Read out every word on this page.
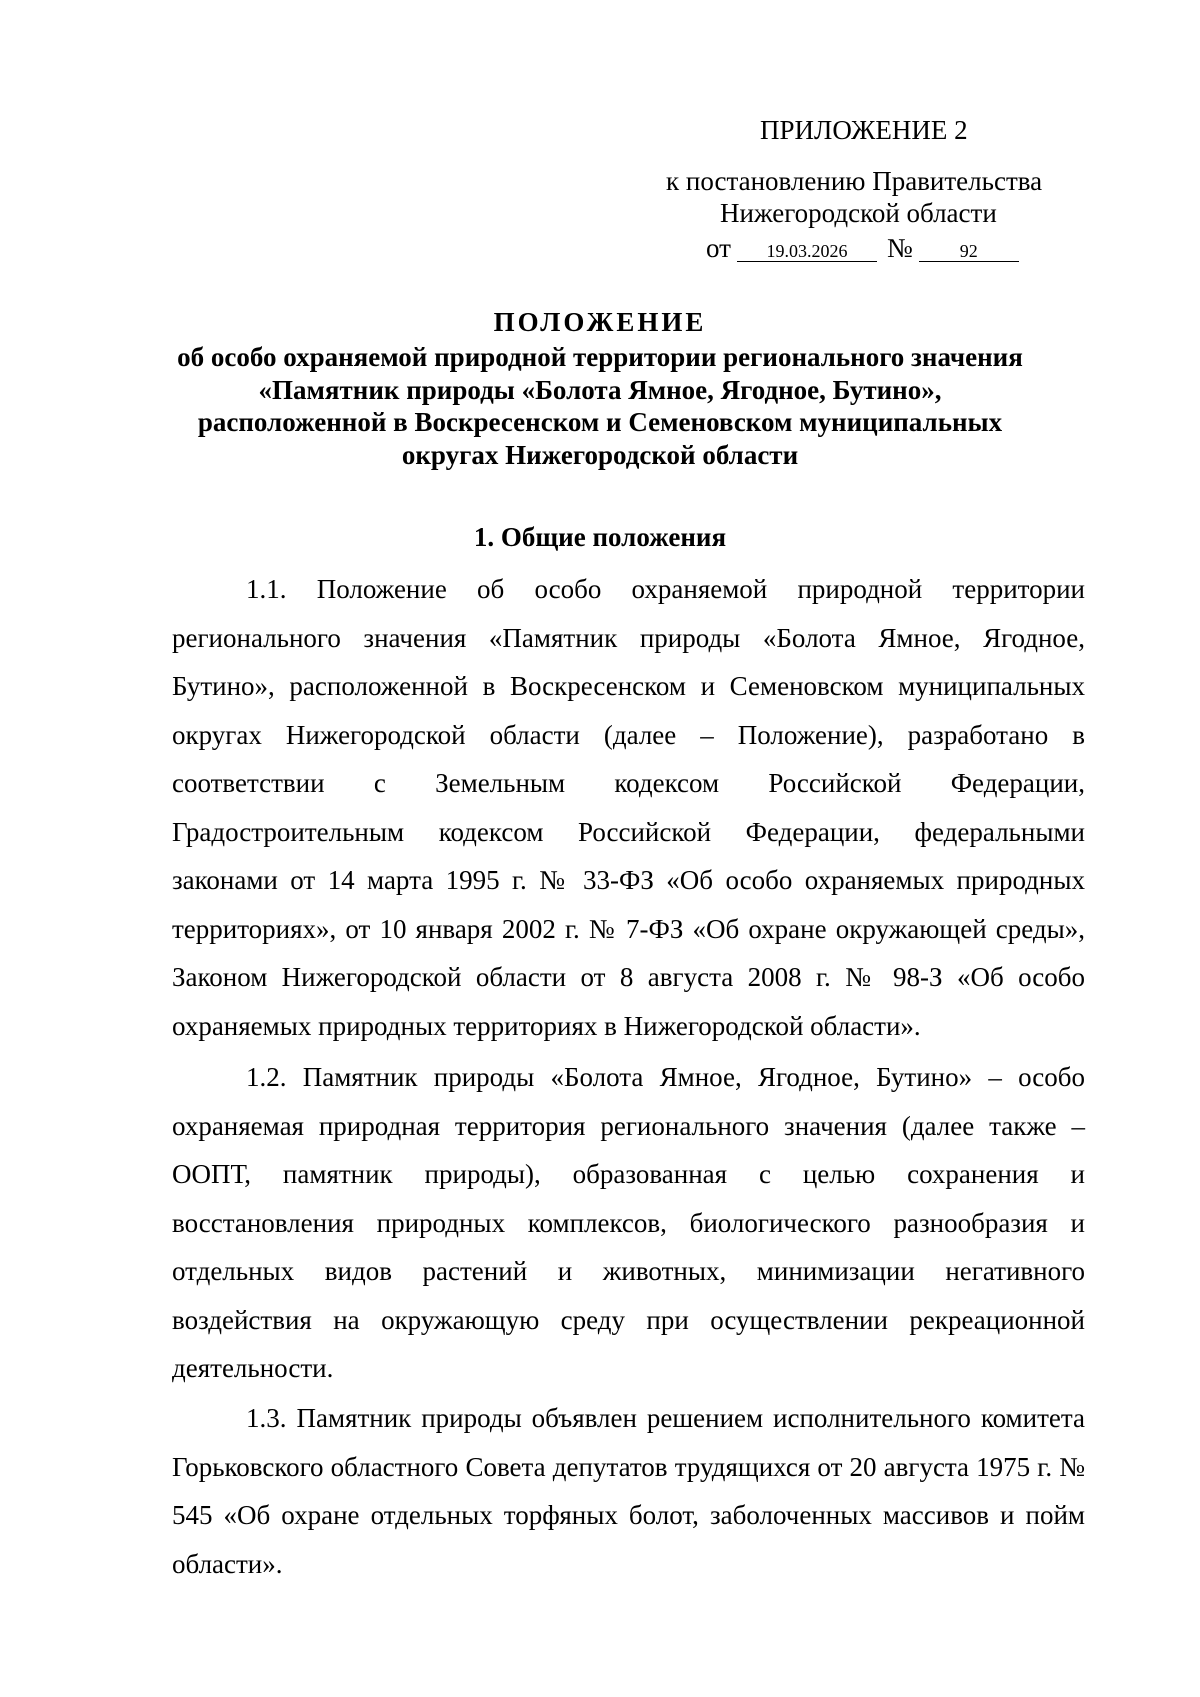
ПРИЛОЖЕНИЕ 2
к постановлению Правительства
Нижегородской области
от	19.03.2026	№	92
ПОЛОЖЕНИЕ
об особо охраняемой природной территории регионального значения
«Памятник природы «Болота Ямное, Ягодное, Бутино»,
расположенной в Воскресенском и Семеновском муниципальных
округах Нижегородской области
1. Общие положения

1.1. Положение об особо охраняемой природной территории регионального значения «Памятник природы «Болота Ямное, Ягодное, Бутино», расположенной в Воскресенском и Семеновском муниципальных округах Нижегородской области (далее – Положение), разработано в соответствии с Земельным кодексом Российской Федерации, Градостроительным кодексом Российской Федерации, федеральными законами от 14 марта 1995 г. № 33-ФЗ «Об особо охраняемых природных территориях», от 10 января 2002 г. № 7-ФЗ «Об охране окружающей среды», Законом Нижегородской области от 8 августа 2008 г. № 98-З «Об особо охраняемых природных территориях в Нижегородской области».

1.2. Памятник природы «Болота Ямное, Ягодное, Бутино» – особо охраняемая природная территория регионального значения (далее также – ООПТ, памятник природы), образованная с целью сохранения и восстановления природных комплексов, биологического разнообразия и отдельных видов растений и животных, минимизации негативного воздействия на окружающую среду при осуществлении рекреационной деятельности.

1.3. Памятник природы объявлен решением исполнительного комитета Горьковского областного Совета депутатов трудящихся от 20 августа 1975 г. № 545 «Об охране отдельных торфяных болот, заболоченных массивов и пойм области».
